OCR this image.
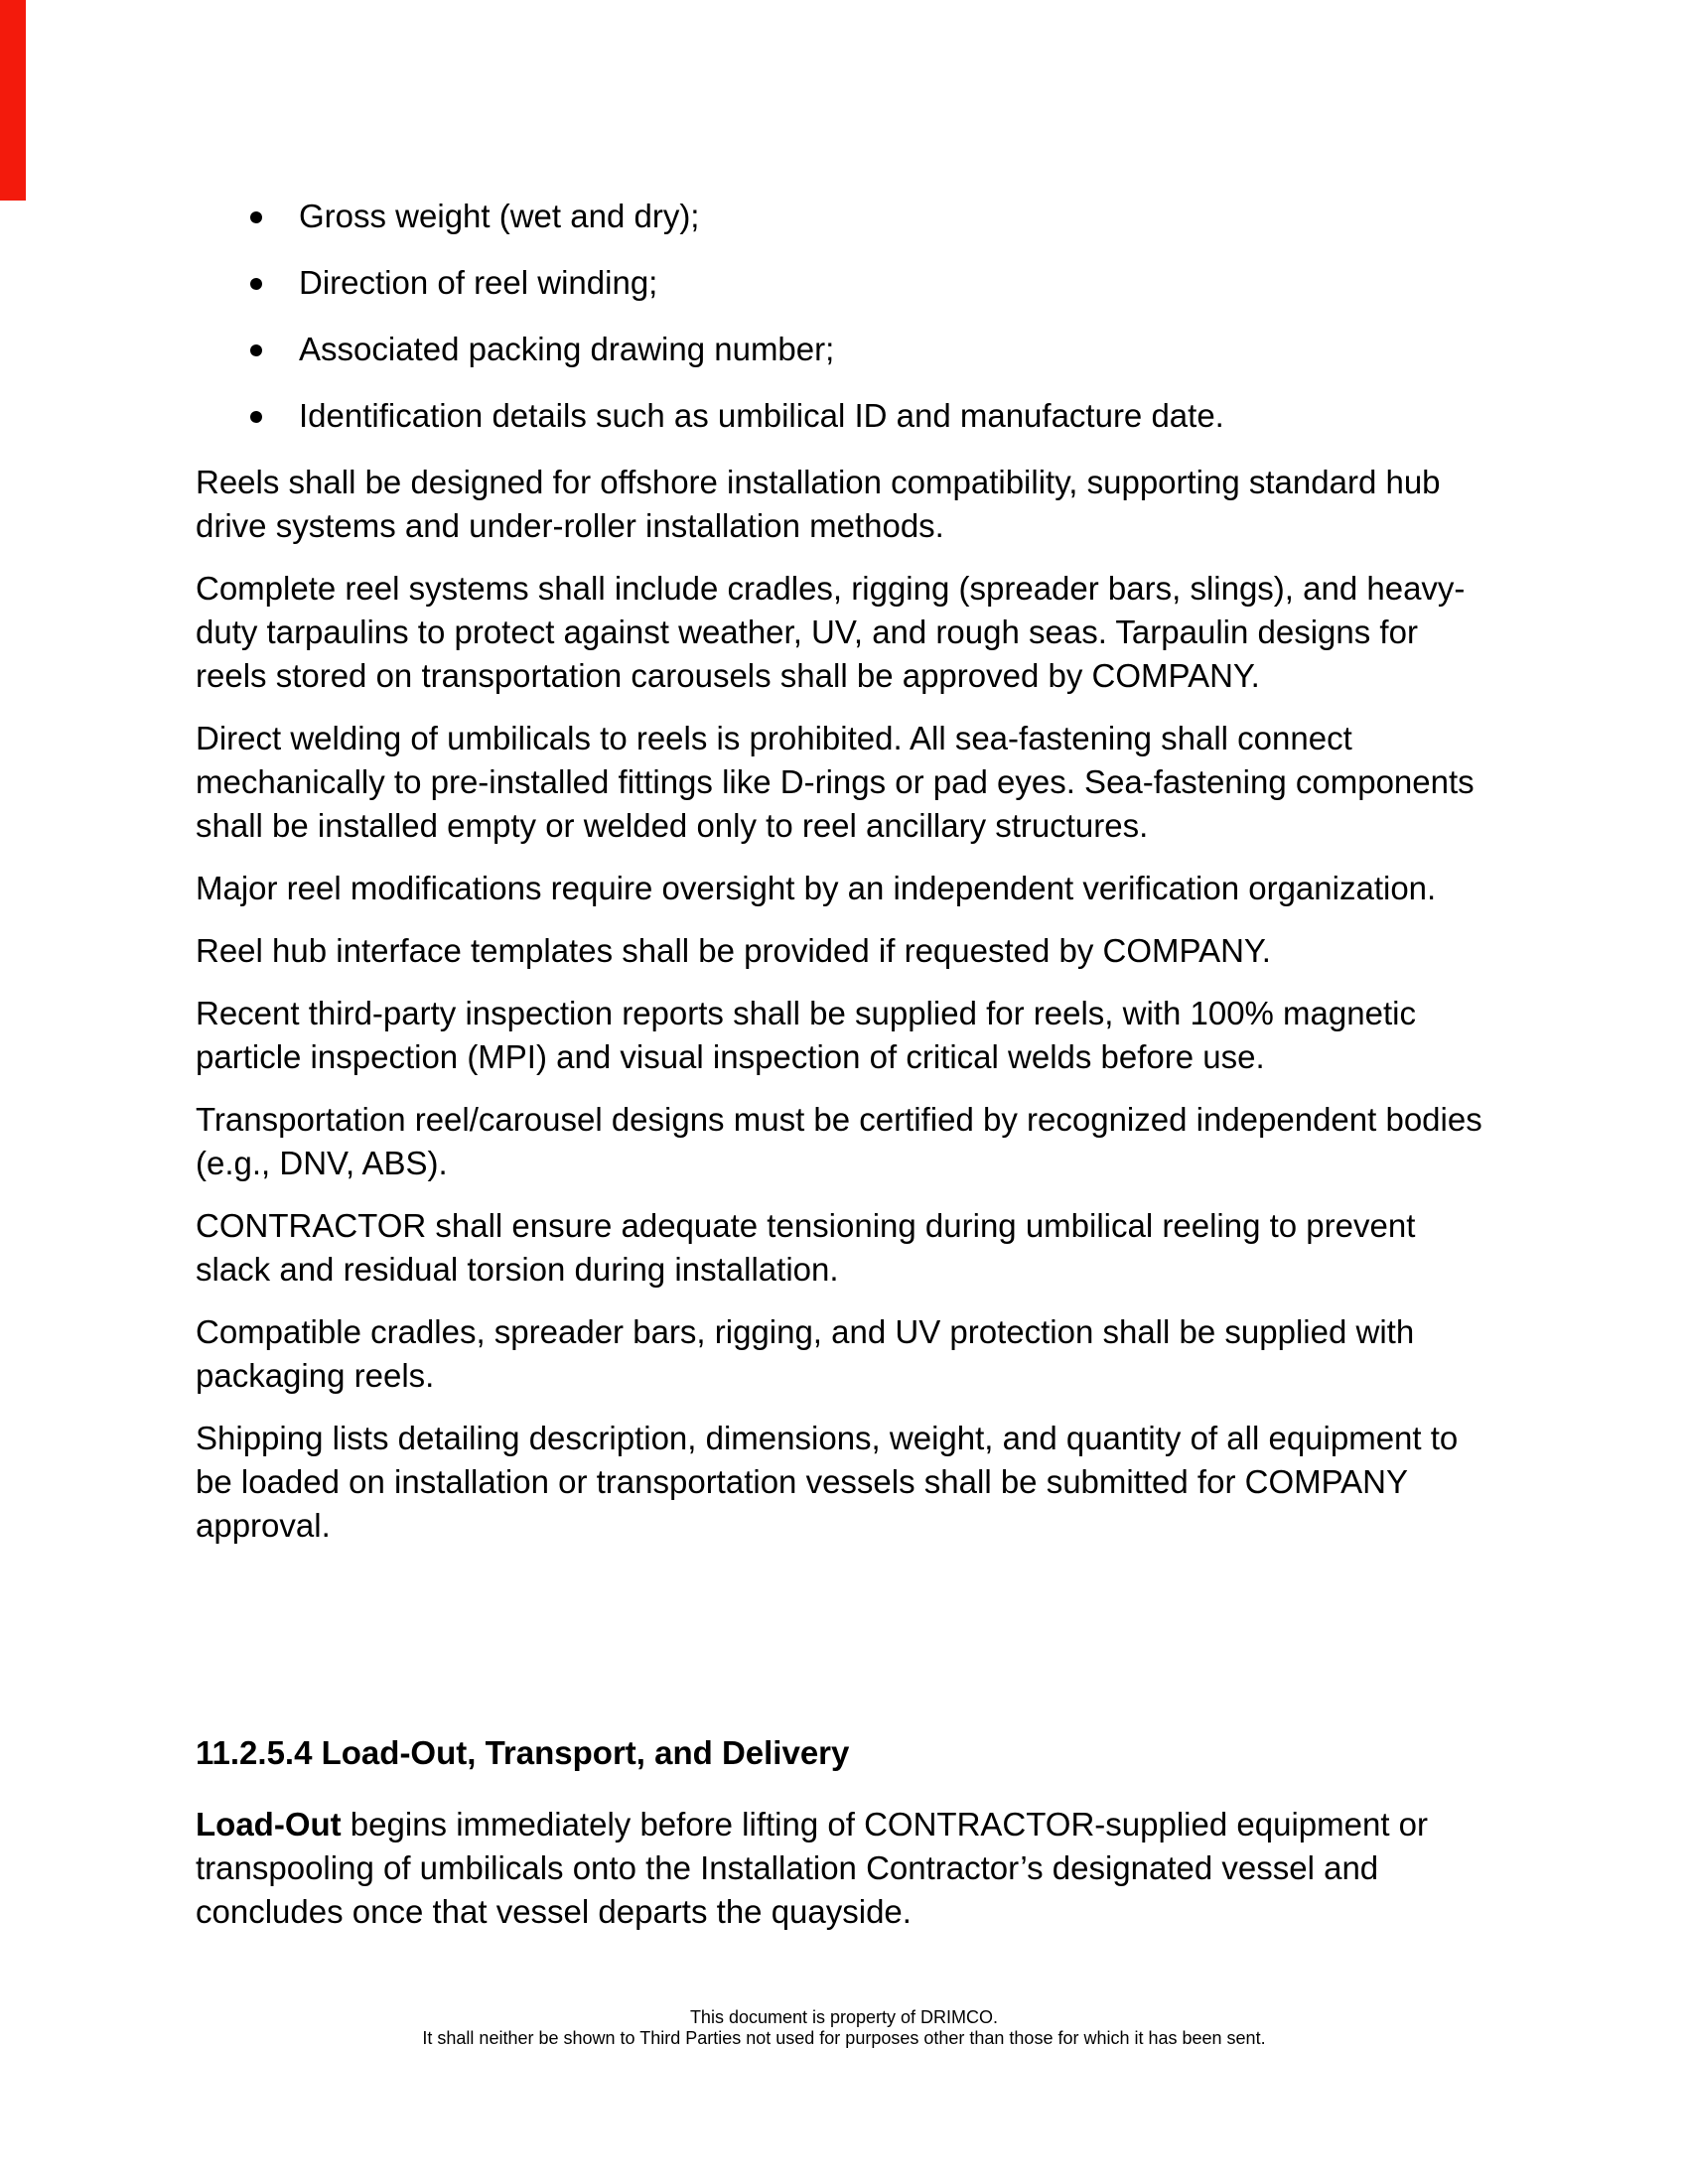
Gross weight (wet and dry);
Direction of reel winding;
Associated packing drawing number;
Identification details such as umbilical ID and manufacture date.

Reels shall be designed for offshore installation compatibility, supporting standard hub drive systems and under-roller installation methods.

Complete reel systems shall include cradles, rigging (spreader bars, slings), and heavy-duty tarpaulins to protect against weather, UV, and rough seas. Tarpaulin designs for reels stored on transportation carousels shall be approved by COMPANY.

Direct welding of umbilicals to reels is prohibited. All sea-fastening shall connect mechanically to pre-installed fittings like D-rings or pad eyes. Sea-fastening components shall be installed empty or welded only to reel ancillary structures.

Major reel modifications require oversight by an independent verification organization.

Reel hub interface templates shall be provided if requested by COMPANY.

Recent third-party inspection reports shall be supplied for reels, with 100% magnetic particle inspection (MPI) and visual inspection of critical welds before use.

Transportation reel/carousel designs must be certified by recognized independent bodies (e.g., DNV, ABS).

CONTRACTOR shall ensure adequate tensioning during umbilical reeling to prevent slack and residual torsion during installation.

Compatible cradles, spreader bars, rigging, and UV protection shall be supplied with packaging reels.

Shipping lists detailing description, dimensions, weight, and quantity of all equipment to be loaded on installation or transportation vessels shall be submitted for COMPANY approval.

11.2.5.4 Load-Out, Transport, and Delivery

Load-Out begins immediately before lifting of CONTRACTOR-supplied equipment or transpooling of umbilicals onto the Installation Contractor’s designated vessel and concludes once that vessel departs the quayside.

This document is property of DRIMCO.
It shall neither be shown to Third Parties not used for purposes other than those for which it has been sent.
